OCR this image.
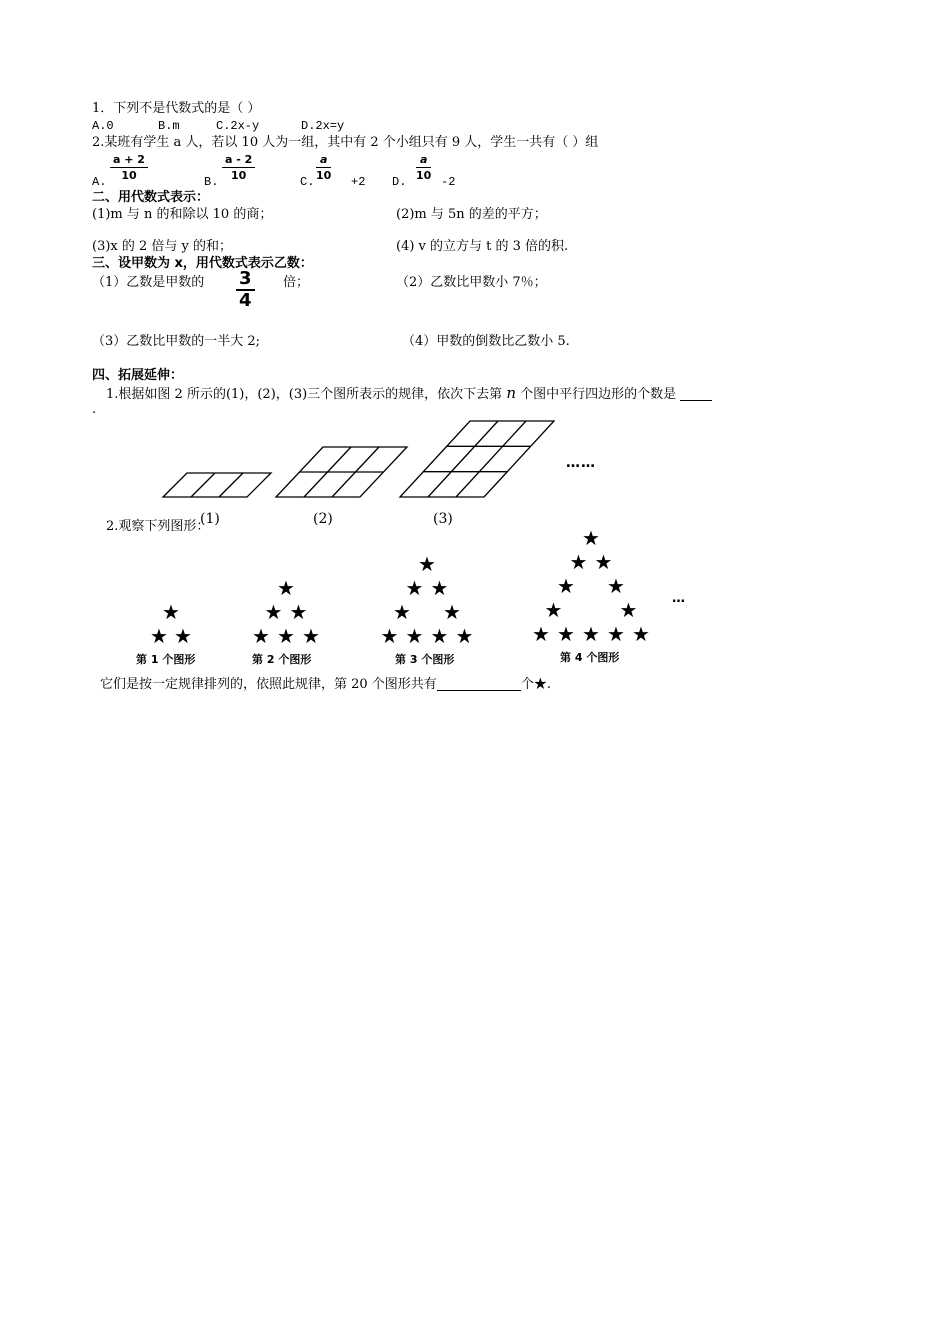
1．下列不是代数式的是（ ）
A.0	B.m	C.2x-y	D.2x=y
2.某班有学生 a 人，若以 10 人为一组，其中有 2 个小组只有 9 人，学生一共有（ ）组
A.
$\frac{a + 2}{10}$
B.
$\frac{a - 2}{10}$
C.
$\frac{a}{10}$
+2 D.
$\frac{a}{10}$
-2
二、用代数式表示：
(1)m 与 n 的和除以 10 的商；	(2)m 与 5n 的差的平方；
(3)x 的 2 倍与 y 的和；	(4) v 的立方与 t 的 3 倍的积.
三、设甲数为 x，用代数式表示乙数：
（1）乙数是甲数的 $\frac{3}{4}$ 倍；	（2）乙数比甲数小 7％；
（3）乙数比甲数的一半大 2;	（4）甲数的倒数比乙数小 5.
四、拓展延伸：
1.根据如图 2 所示的(1)，(2)，(3)三个图所表示的规律，依次下去第 n 个图中平行四边形的个数是
.
……
(1)	(2)	(3)
2.观察下列图形：
★
★ ★
★
★ ★
★ ★ ★
★
★ ★
★ ★
★ ★ ★ ★
★
★ ★
★ ★
★	★
★ ★ ★ ★ ★
第 1 个图形	第 2 个图形	第 3 个图形	第 4 个图形
…
它们是按一定规律排列的，依照此规律，第 20 个图形共有	个★.
